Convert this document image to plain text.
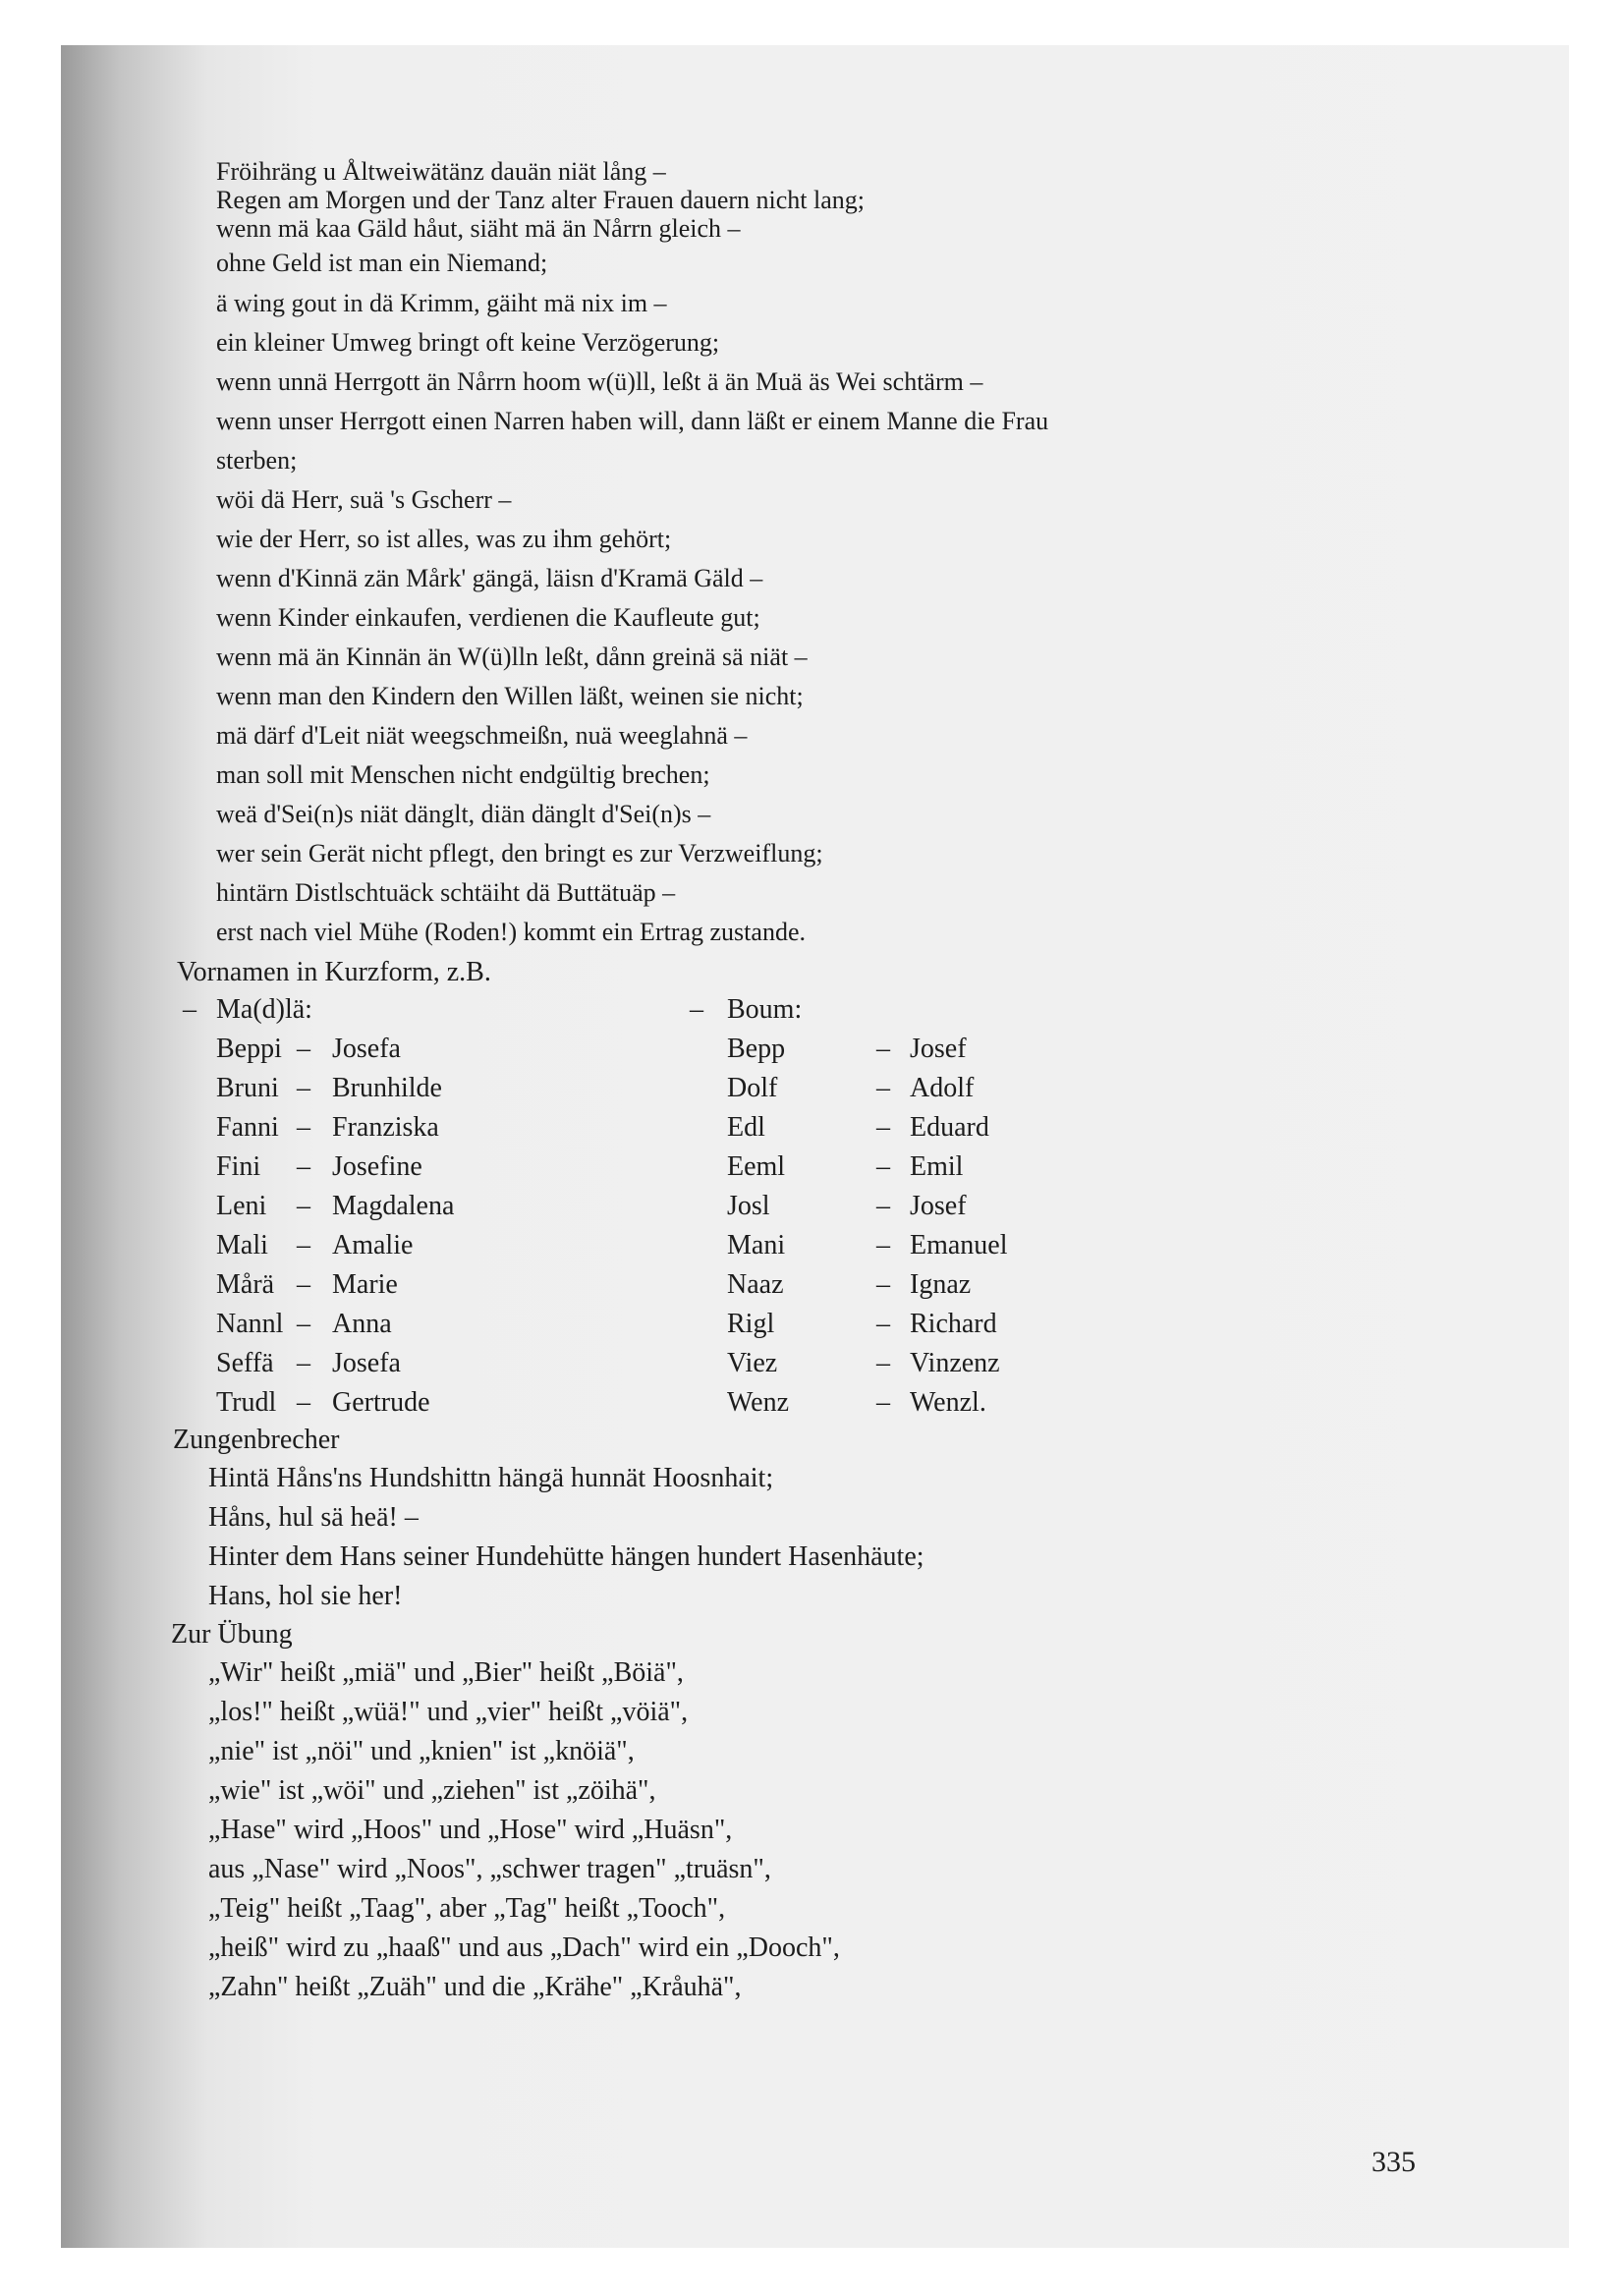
Fröihräng u Åltweiwätänz dauän niät lång –
Regen am Morgen und der Tanz alter Frauen dauern nicht lang;
wenn mä kaa Gäld håut, siäht mä än Nårrn gleich –
ohne Geld ist man ein Niemand;
ä wing gout in dä Krimm, gäiht mä nix im –
ein kleiner Umweg bringt oft keine Verzögerung;
wenn unnä Herrgott än Nårrn hoom w(ü)ll, leßt ä än Muä äs Wei schtärm –
wenn unser Herrgott einen Narren haben will, dann läßt er einem Manne die Frau
sterben;
wöi dä Herr, suä 's Gscherr –
wie der Herr, so ist alles, was zu ihm gehört;
wenn d'Kinnä zän Mårk' gängä, läisn d'Kramä Gäld –
wenn Kinder einkaufen, verdienen die Kaufleute gut;
wenn mä än Kinnän än W(ü)lln leßt, dånn greinä sä niät –
wenn man den Kindern den Willen läßt, weinen sie nicht;
mä därf d'Leit niät weegschmeißn, nuä weeglahnä –
man soll mit Menschen nicht endgültig brechen;
weä d'Sei(n)s niät dänglt, diän dänglt d'Sei(n)s –
wer sein Gerät nicht pflegt, den bringt es zur Verzweiflung;
hintärn Distlschtuäck schtäiht dä Buttätuäp –
erst nach viel Mühe (Roden!) kommt ein Ertrag zustande.
Vornamen in Kurzform, z.B.
– Ma(d)lä:	– Boum:
Beppi – Josefa	Bepp	– Josef
Bruni – Brunhilde	Dolf	– Adolf
Fanni – Franziska	Edl	– Eduard
Fini – Josefine	Eeml	– Emil
Leni – Magdalena	Josl	– Josef
Mali – Amalie	Mani	– Emanuel
Mårä – Marie	Naaz	– Ignaz
Nannl – Anna	Rigl	– Richard
Seffä – Josefa	Viez	– Vinzenz
Trudl – Gertrude	Wenz	– Wenzl.
Zungenbrecher
Hintä Håns'ns Hundshittn hängä hunnät Hoosnhait;
Håns, hul sä heä! –
Hinter dem Hans seiner Hundehütte hängen hundert Hasenhäute;
Hans, hol sie her!
Zur Übung
„Wir" heißt „miä" und „Bier" heißt „Böiä",
„los!" heißt „wüä!" und „vier" heißt „vöiä",
„nie" ist „nöi" und „knien" ist „knöiä",
„wie" ist „wöi" und „ziehen" ist „zöihä",
„Hase" wird „Hoos" und „Hose" wird „Huäsn",
aus „Nase" wird „Noos", „schwer tragen" „truäsn",
„Teig" heißt „Taag", aber „Tag" heißt „Tooch",
„heiß" wird zu „haaß" und aus „Dach" wird ein „Dooch",
„Zahn" heißt „Zuäh" und die „Krähe" „Kråuhä",
335
